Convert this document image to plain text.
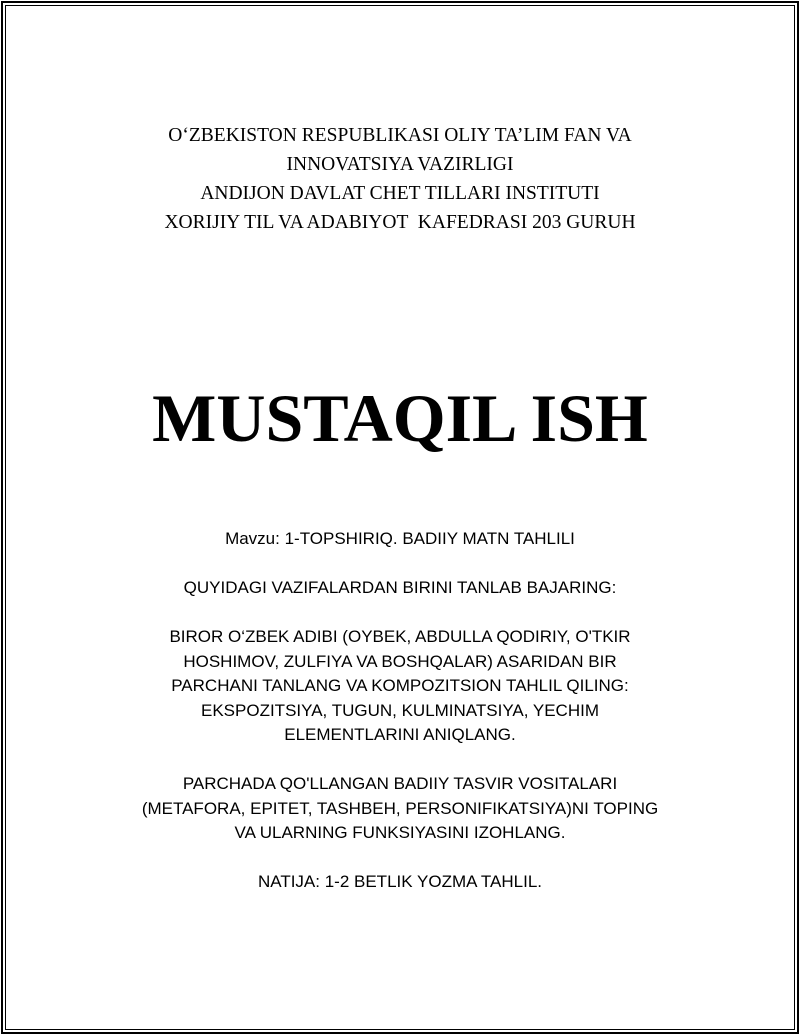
O‘ZBEKISTON RESPUBLIKASI OLIY TA’LIM FAN VA
INNOVATSIYA VAZIRLIGI
ANDIJON DAVLAT CHET TILLARI INSTITUTI
XORIJIY TIL VA ADABIYOT  KAFEDRASI 203 GURUH
MUSTAQIL ISH

Mavzu: 1-TOPSHIRIQ. BADIIY MATN TAHLILI

QUYIDAGI VAZIFALARDAN BIRINI TANLAB BAJARING:

BIROR O‘ZBEK ADIBI (OYBEK, ABDULLA QODIRIY, O'TKIR
HOSHIMOV, ZULFIYA VA BOSHQALAR) ASARIDAN BIR
PARCHANI TANLANG VA KOMPOZITSION TAHLIL QILING:
EKSPOZITSIYA, TUGUN, KULMINATSIYA, YECHIM
ELEMENTLARINI ANIQLANG.

PARCHADA QO'LLANGAN BADIIY TASVIR VOSITALARI
(METAFORA, EPITET, TASHBEH, PERSONIFIKATSIYA)NI TOPING
VA ULARNING FUNKSIYASINI IZOHLANG.

NATIJA: 1-2 BETLIK YOZMA TAHLIL.
